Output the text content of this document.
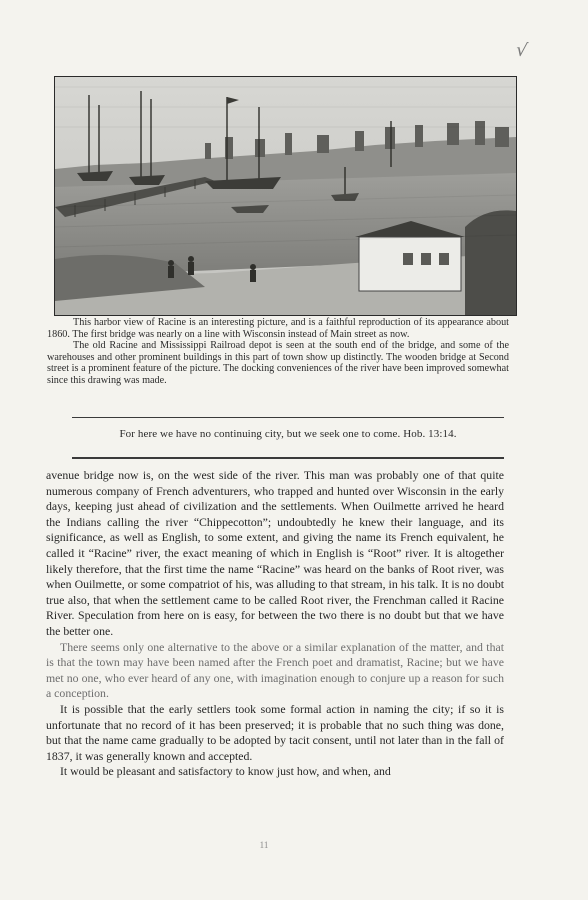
√

This harbor view of Racine is an interesting picture, and is a faithful reproduction of its appearance about 1860. The first bridge was nearly on a line with Wisconsin instead of Main street as now.

The old Racine and Mississippi Railroad depot is seen at the south end of the bridge, and some of the warehouses and other prominent buildings in this part of town show up distinctly. The wooden bridge at Second street is a prominent feature of the picture. The docking conveniences of the river have been improved somewhat since this drawing was made.

For here we have no continuing city, but we seek one to come. Hob. 13:14.

avenue bridge now is, on the west side of the river. This man was probably one of that quite numerous company of French adventurers, who trapped and hunted over Wisconsin in the early days, keeping just ahead of civilization and the settlements. When Ouilmette arrived he heard the Indians calling the river “Chippecotton”; undoubtedly he knew their language, and its significance, as well as English, to some extent, and giving the name its French equivalent, he called it “Racine” river, the exact meaning of which in English is “Root” river. It is altogether likely therefore, that the first time the name “Racine” was heard on the banks of Root river, was when Ouilmette, or some compatriot of his, was alluding to that stream, in his talk. It is no doubt true also, that when the settlement came to be called Root river, the Frenchman called it Racine River. Speculation from here on is easy, for between the two there is no doubt but that we have the better one.

There seems only one alternative to the above or a similar explanation of the matter, and that is that the town may have been named after the French poet and dramatist, Racine; but we have met no one, who ever heard of any one, with imagination enough to conjure up a reason for such a conception.

It is possible that the early settlers took some formal action in naming the city; if so it is unfortunate that no record of it has been preserved; it is probable that no such thing was done, but that the name came gradually to be adopted by tacit consent, until not later than in the fall of 1837, it was generally known and accepted.

It would be pleasant and satisfactory to know just how, and when, and

11
